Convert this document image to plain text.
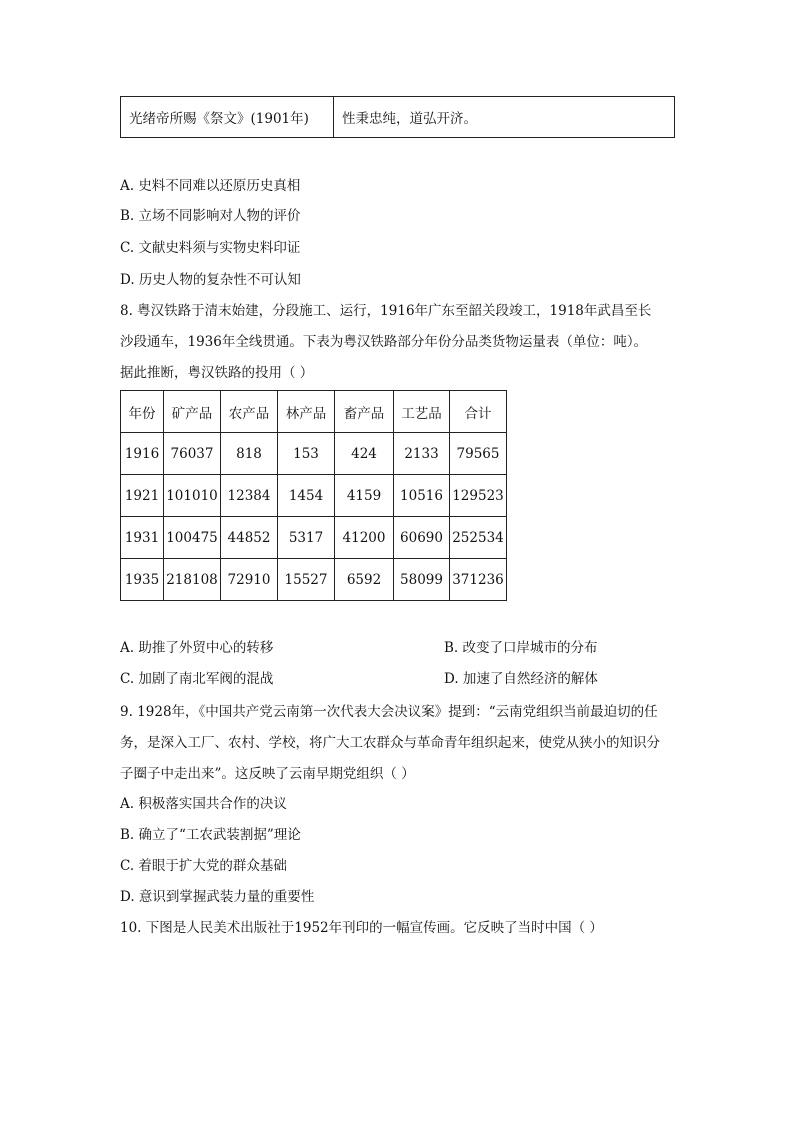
光绪帝所赐《祭文》(1901年)	性秉忠纯，道弘开济。
A. 史料不同难以还原历史真相
B. 立场不同影响对人物的评价
C. 文献史料须与实物史料印证
D. 历史人物的复杂性不可认知
8. 粤汉铁路于清末始建，分段施工、运行，1916年广东至韶关段竣工，1918年武昌至长
沙段通车，1936年全线贯通。下表为粤汉铁路部分年份分品类货物运量表（单位：吨）。
据此推断，粤汉铁路的投用（ ）
年份	矿产品	农产品	林产品	畜产品	工艺品	合计
1916	76037	818	153	424	2133	79565
1921	101010	12384	1454	4159	10516	129523
1931	100475	44852	5317	41200	60690	252534
1935	218108	72910	15527	6592	58099	371236
A. 助推了外贸中心的转移	B. 改变了口岸城市的分布
C. 加剧了南北军阀的混战	D. 加速了自然经济的解体
9. 1928年，《中国共产党云南第一次代表大会决议案》提到：“云南党组织当前最迫切的任
务，是深入工厂、农村、学校，将广大工农群众与革命青年组织起来，使党从狭小的知识分
子圈子中走出来”。这反映了云南早期党组织（ ）
A. 积极落实国共合作的决议
B. 确立了“工农武装割据”理论
C. 着眼于扩大党的群众基础
D. 意识到掌握武装力量的重要性
10. 下图是人民美术出版社于1952年刊印的一幅宣传画。它反映了当时中国（ ）
